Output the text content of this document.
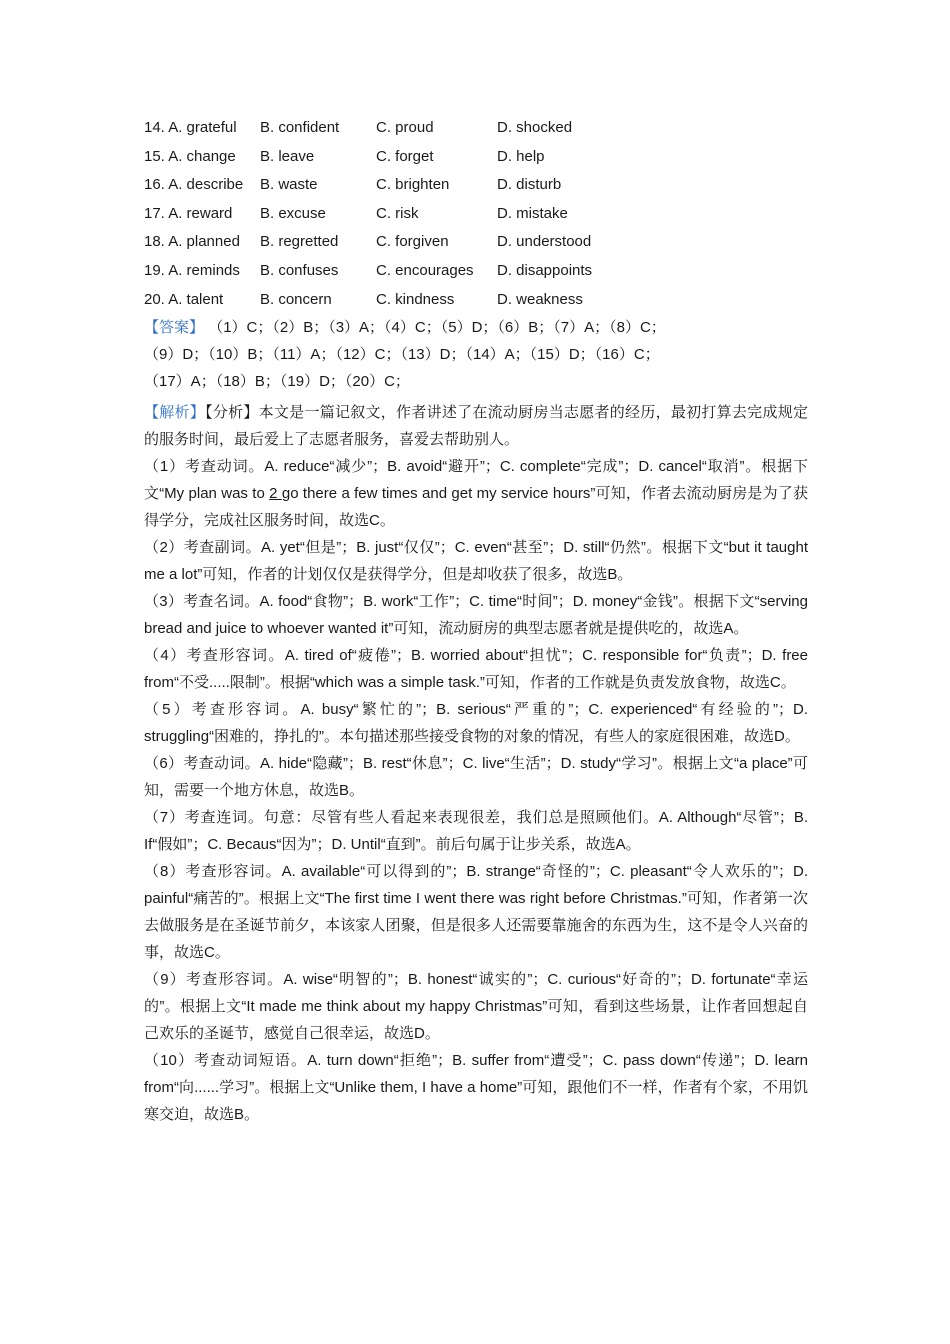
14. A. grateful	B. confident	C. proud	D. shocked
15. A. change	B. leave	C. forget	D. help
16. A. describe	B. waste	C. brighten	D. disturb
17. A. reward	B. excuse	C. risk	D. mistake
18. A. planned	B. regretted	C. forgiven	D. understood
19. A. reminds	B. confuses	C. encourages	D. disappoints
20. A. talent	B. concern	C. kindness	D. weakness
【答案】 （1）C；（2）B；（3）A；（4）C；（5）D；（6）B；（7）A；（8）C；
（9）D；（10）B；（11）A；（12）C；（13）D；（14）A；（15）D；（16）C；
（17）A；（18）B；（19）D；（20）C；

【解析】【分析】本文是一篇记叙文，作者讲述了在流动厨房当志愿者的经历，最初打算去完成规定的服务时间，最后爱上了志愿者服务，喜爱去帮助别人。

（1）考查动词。A. reduce“减少”；B. avoid“避开”；C. complete“完成”；D. cancel“取消”。根据下文“My plan was to 2 go there a few times and get my service hours”可知，作者去流动厨房是为了获得学分，完成社区服务时间，故选C。

（2）考查副词。A. yet“但是”；B. just“仅仅”；C. even“甚至”；D. still“仍然”。根据下文“but it taught me a lot”可知，作者的计划仅仅是获得学分，但是却收获了很多，故选B。

（3）考查名词。A. food“食物”；B. work“工作”；C. time“时间”；D. money“金钱”。根据下文“serving bread and juice to whoever wanted it”可知，流动厨房的典型志愿者就是提供吃的，故选A。

（4）考查形容词。A. tired of“疲倦”；B. worried about“担忧”；C. responsible for“负责”；D. free from“不受.....限制”。根据“which was a simple task.”可知，作者的工作就是负责发放食物，故选C。

（5）考查形容词。A. busy“繁忙的”；B. serious“严重的”；C. experienced“有经验的”；D. struggling“困难的，挣扎的”。本句描述那些接受食物的对象的情况，有些人的家庭很困难，故选D。

（6）考查动词。A. hide“隐藏”；B. rest“休息”；C. live“生活”；D. study“学习”。根据上文“a place”可知，需要一个地方休息，故选B。

（7）考查连词。句意：尽管有些人看起来表现很差，我们总是照顾他们。A. Although“尽管”；B. If“假如”；C. Becaus“因为”；D. Until“直到”。前后句属于让步关系，故选A。

（8）考查形容词。A. available“可以得到的”；B. strange“奇怪的”；C. pleasant“令人欢乐的”；D. painful“痛苦的”。根据上文“The first time I went there was right before Christmas.”可知，作者第一次去做服务是在圣诞节前夕，本该家人团聚，但是很多人还需要靠施舍的东西为生，这不是令人兴奋的事，故选C。

（9）考查形容词。A. wise“明智的”；B. honest“诚实的”；C. curious“好奇的”；D. fortunate“幸运的”。根据上文“It made me think about my happy Christmas”可知，看到这些场景，让作者回想起自己欢乐的圣诞节，感觉自己很幸运，故选D。

（10）考查动词短语。A. turn down“拒绝”；B. suffer from“遭受”；C. pass down“传递”；D. learn from“向......学习”。根据上文“Unlike them, I have a home”可知，跟他们不一样，作者有个家，不用饥寒交迫，故选B。
